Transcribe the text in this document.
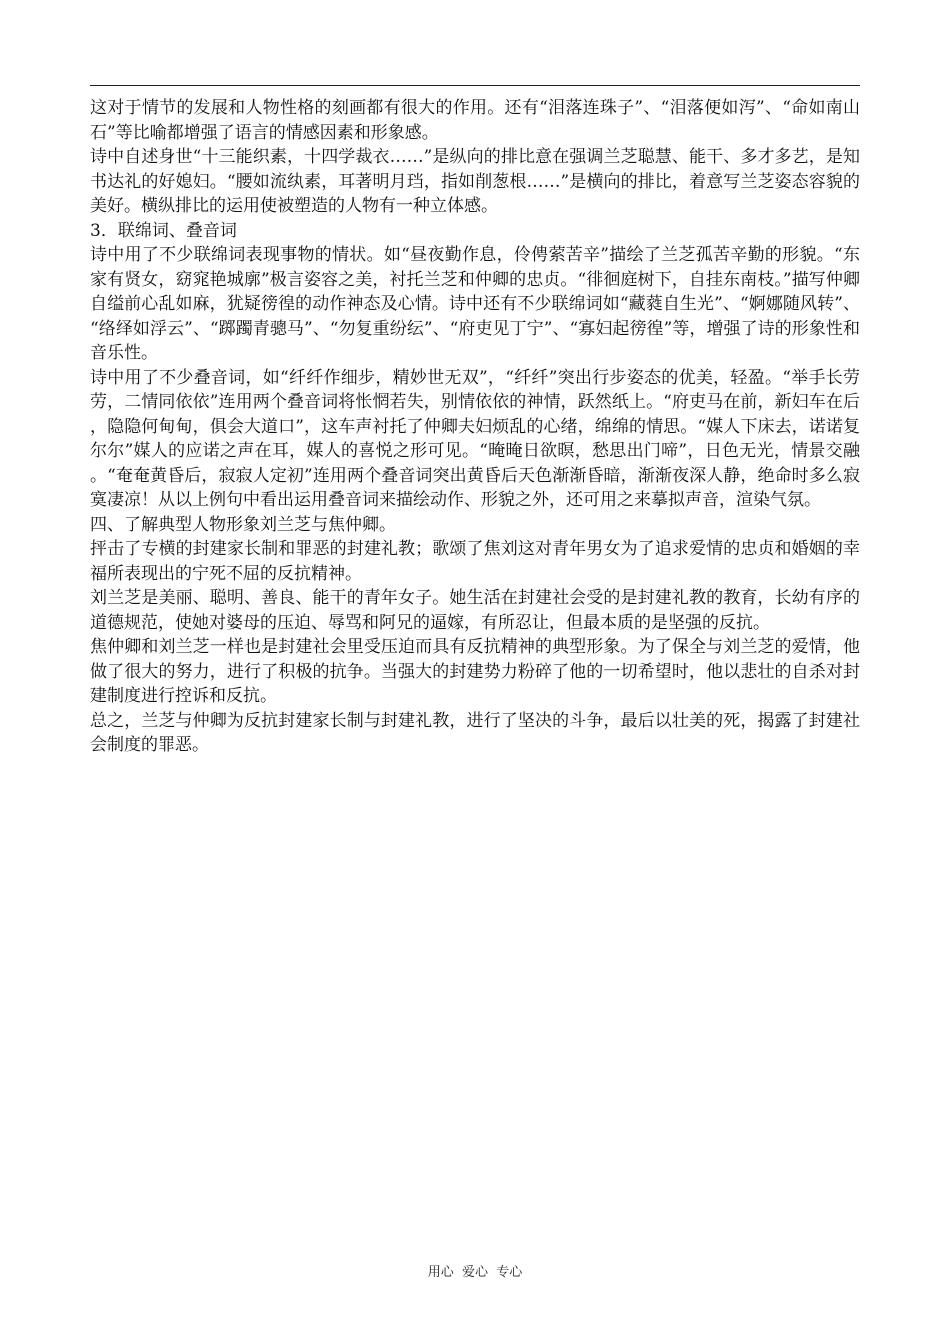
这对于情节的发展和人物性格的刻画都有很大的作用。还有“泪落连珠子”、“泪落便如泻”、“命如南山石”等比喻都增强了语言的情感因素和形象感。

诗中自述身世“十三能织素，十四学裁衣……”是纵向的排比意在强调兰芝聪慧、能干、多才多艺，是知书达礼的好媳妇。“腰如流纨素，耳著明月珰，指如削葱根……”是横向的排比，着意写兰芝姿态容貌的美好。横纵排比的运用使被塑造的人物有一种立体感。

3．联绵词、叠音词

诗中用了不少联绵词表现事物的情状。如“昼夜勤作息，伶俜萦苦辛”描绘了兰芝孤苦辛勤的形貌。“东家有贤女，窈窕艳城廓”极言姿容之美，衬托兰芝和仲卿的忠贞。“徘徊庭树下，自挂东南枝。”描写仲卿自缢前心乱如麻，犹疑徬徨的动作神态及心情。诗中还有不少联绵词如“藏蕤自生光”、“婀娜随风转”、“络绎如浮云”、“踯躅青骢马”、“勿复重纷纭”、“府吏见丁宁”、“寡妇起徬徨”等，增强了诗的形象性和音乐性。

诗中用了不少叠音词，如“纤纤作细步，精妙世无双”，“纤纤”突出行步姿态的优美，轻盈。“举手长劳劳，二情同依依”连用两个叠音词将怅惘若失，别情依依的神情，跃然纸上。“府吏马在前，新妇车在后，隐隐何甸甸，俱会大道口”，这车声衬托了仲卿夫妇烦乱的心绪，绵绵的情思。“媒人下床去，诺诺复尔尔”媒人的应诺之声在耳，媒人的喜悦之形可见。“晻晻日欲暝，愁思出门啼”，日色无光，情景交融。“奄奄黄昏后，寂寂人定初”连用两个叠音词突出黄昏后天色渐渐昏暗，渐渐夜深人静，绝命时多么寂寞凄凉！从以上例句中看出运用叠音词来描绘动作、形貌之外，还可用之来摹拟声音，渲染气氛。

四、了解典型人物形象刘兰芝与焦仲卿。

抨击了专横的封建家长制和罪恶的封建礼教；歌颂了焦刘这对青年男女为了追求爱情的忠贞和婚姻的幸福所表现出的宁死不屈的反抗精神。

刘兰芝是美丽、聪明、善良、能干的青年女子。她生活在封建社会受的是封建礼教的教育，长幼有序的道德规范，使她对婆母的压迫、辱骂和阿兄的逼嫁，有所忍让，但最本质的是坚强的反抗。

焦仲卿和刘兰芝一样也是封建社会里受压迫而具有反抗精神的典型形象。为了保全与刘兰芝的爱情，他做了很大的努力，进行了积极的抗争。当强大的封建势力粉碎了他的一切希望时，他以悲壮的自杀对封建制度进行控诉和反抗。

总之，兰芝与仲卿为反抗封建家长制与封建礼教，进行了坚决的斗争，最后以壮美的死，揭露了封建社会制度的罪恶。

用心  爱心  专心
